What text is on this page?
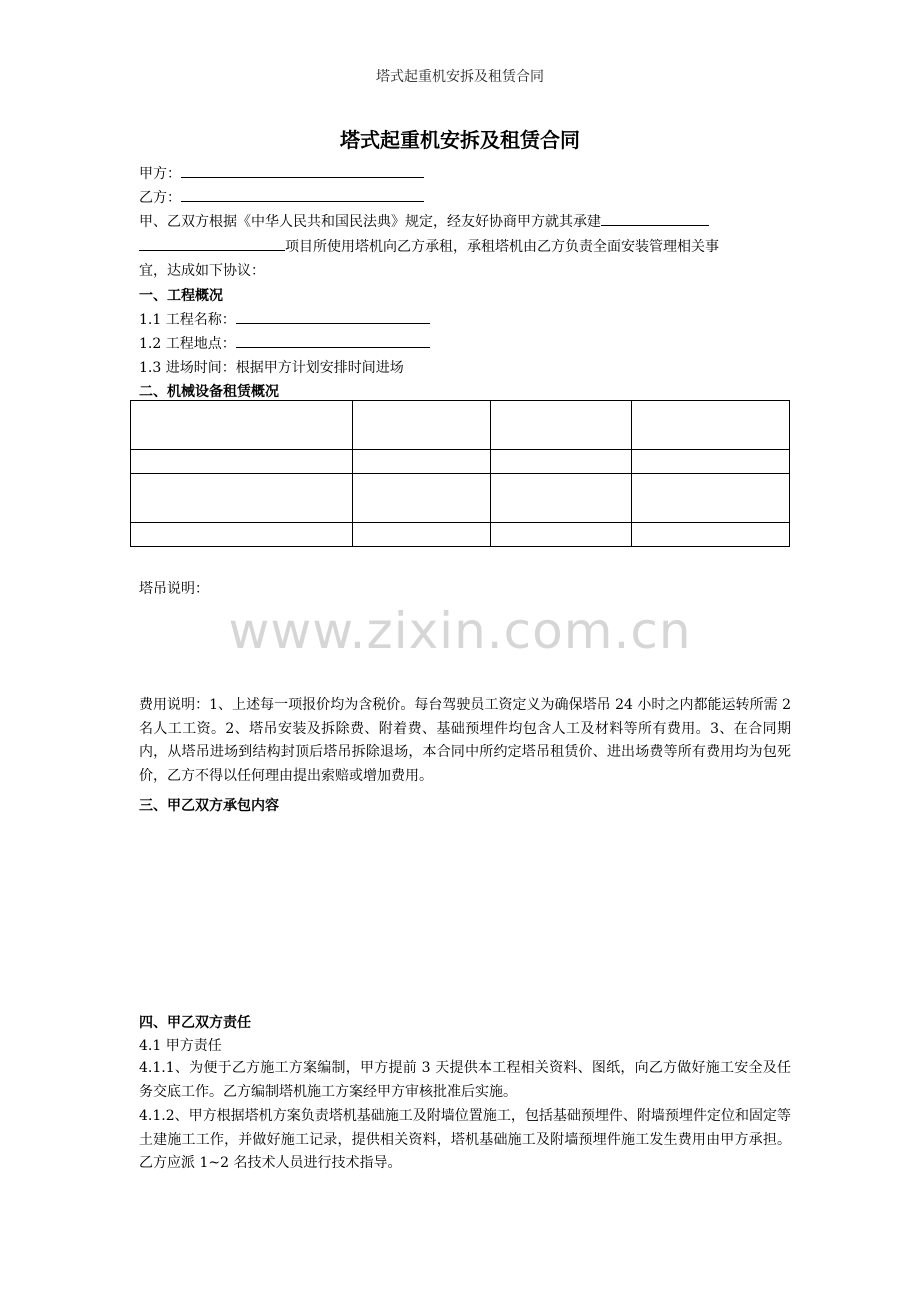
塔式起重机安拆及租赁合同
塔式起重机安拆及租赁合同
甲方：
乙方：
甲、乙双方根据《中华人民共和国民法典》规定，经友好协商甲方就其承建
项目所使用塔机向乙方承租，承租塔机由乙方负责全面安装管理相关事
宜，达成如下协议：
一、工程概况
1.1 工程名称：
1.2 工程地点：
1.3 进场时间：根据甲方计划安排时间进场
二、机械设备租赁概况

塔吊说明：
www.zixin.com.cn
费用说明：1、上述每一项报价均为含税价。每台驾驶员工资定义为确保塔吊 24 小时之内都能运转所需 2 名人工工资。2、塔吊安装及拆除费、附着费、基础预埋件均包含人工及材料等所有费用。3、在合同期内，从塔吊进场到结构封顶后塔吊拆除退场，本合同中所约定塔吊租赁价、进出场费等所有费用均为包死价，乙方不得以任何理由提出索赔或增加费用。
三、甲乙双方承包内容
四、甲乙双方责任
4.1 甲方责任
4.1.1、为便于乙方施工方案编制，甲方提前 3 天提供本工程相关资料、图纸，向乙方做好施工安全及任务交底工作。乙方编制塔机施工方案经甲方审核批准后实施。
4.1.2、甲方根据塔机方案负责塔机基础施工及附墙位置施工，包括基础预埋件、附墙预埋件定位和固定等土建施工工作，并做好施工记录，提供相关资料，塔机基础施工及附墙预埋件施工发生费用由甲方承担。乙方应派 1~2 名技术人员进行技术指导。
